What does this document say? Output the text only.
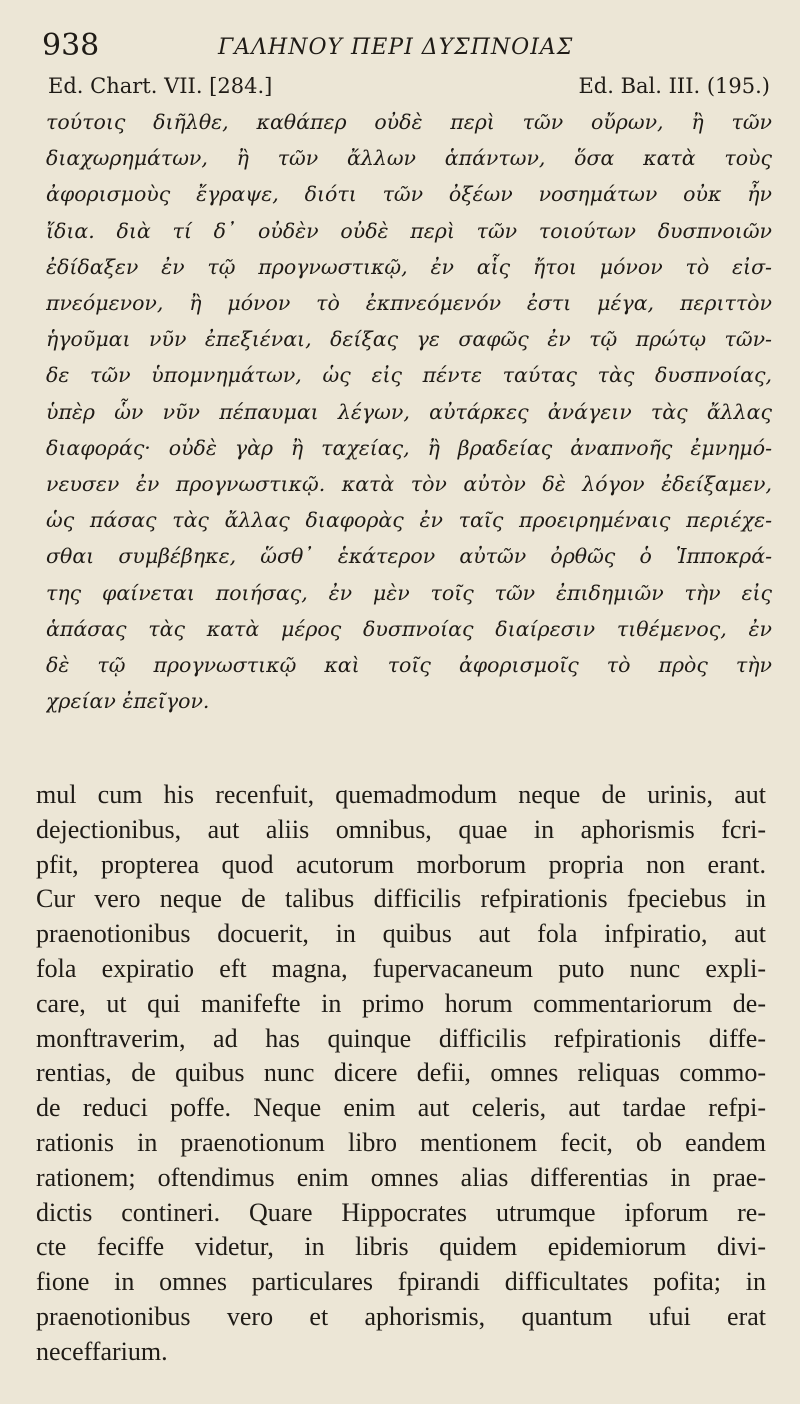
938	ΓΑΛΗΝΟΥ ΠΕΡΙ ΔΥΣΠΝΟΙΑΣ
Ed. Chart. VII. [284.]	Ed. Bal. III. (195.)
τούτοις διῆλθε, καθάπερ οὐδὲ περὶ τῶν οὔρων, ἢ τῶν
διαχωρημάτων, ἢ τῶν ἄλλων ἁπάντων, ὅσα κατὰ τοὺς
ἀφορισμοὺς ἔγραψε, διότι τῶν ὀξέων νοσημάτων οὐκ ἦν
ἴδια. διὰ τί δ᾽ οὐδὲν οὐδὲ περὶ τῶν τοιούτων δυσπνοιῶν
ἐδίδαξεν ἐν τῷ προγνωστικῷ, ἐν αἷς ἤτοι μόνον τὸ εἰσ-
πνεόμενον, ἢ μόνον τὸ ἐκπνεόμενόν ἐστι μέγα, περιττὸν
ἡγοῦμαι νῦν ἐπεξιέναι, δείξας γε σαφῶς ἐν τῷ πρώτῳ τῶν-
δε τῶν ὑπομνημάτων, ὡς εἰς πέντε ταύτας τὰς δυσπνοίας,
ὑπὲρ ὧν νῦν πέπαυμαι λέγων, αὐτάρκες ἀνάγειν τὰς ἄλλας
διαφοράς· οὐδὲ γὰρ ἢ ταχείας, ἢ βραδείας ἀναπνοῆς ἐμνημό-
νευσεν ἐν προγνωστικῷ. κατὰ τὸν αὐτὸν δὲ λόγον ἐδείξαμεν,
ὡς πάσας τὰς ἄλλας διαφορὰς ἐν ταῖς προειρημέναις περιέχε-
σθαι συμβέβηκε, ὥσθ᾽ ἑκάτερον αὐτῶν ὀρθῶς ὁ Ἱπποκρά-
της φαίνεται ποιήσας, ἐν μὲν τοῖς τῶν ἐπιδημιῶν τὴν εἰς
ἁπάσας τὰς κατὰ μέρος δυσπνοίας διαίρεσιν τιθέμενος, ἐν
δὲ τῷ προγνωστικῷ καὶ τοῖς ἀφορισμοῖς τὸ πρὸς τὴν
χρείαν ἐπεῖγον.
mul cum his recenfuit, quemadmodum neque de urinis, aut
dejectionibus, aut aliis omnibus, quae in aphorismis fcri-
pfit, propterea quod acutorum morborum propria non erant.
Cur vero neque de talibus difficilis refpirationis fpeciebus in
praenotionibus docuerit, in quibus aut fola infpiratio, aut
fola expiratio eft magna, fupervacaneum puto nunc expli-
care, ut qui manifefte in primo horum commentariorum de-
monftraverim, ad has quinque difficilis refpirationis diffe-
rentias, de quibus nunc dicere defii, omnes reliquas commo-
de reduci poffe. Neque enim aut celeris, aut tardae refpi-
rationis in praenotionum libro mentionem fecit, ob eandem
rationem; oftendimus enim omnes alias differentias in prae-
dictis contineri. Quare Hippocrates utrumque ipforum re-
cte feciffe videtur, in libris quidem epidemiorum divi-
fione in omnes particulares fpirandi difficultates pofita; in
praenotionibus vero et aphorismis, quantum ufui erat
neceffarium.
